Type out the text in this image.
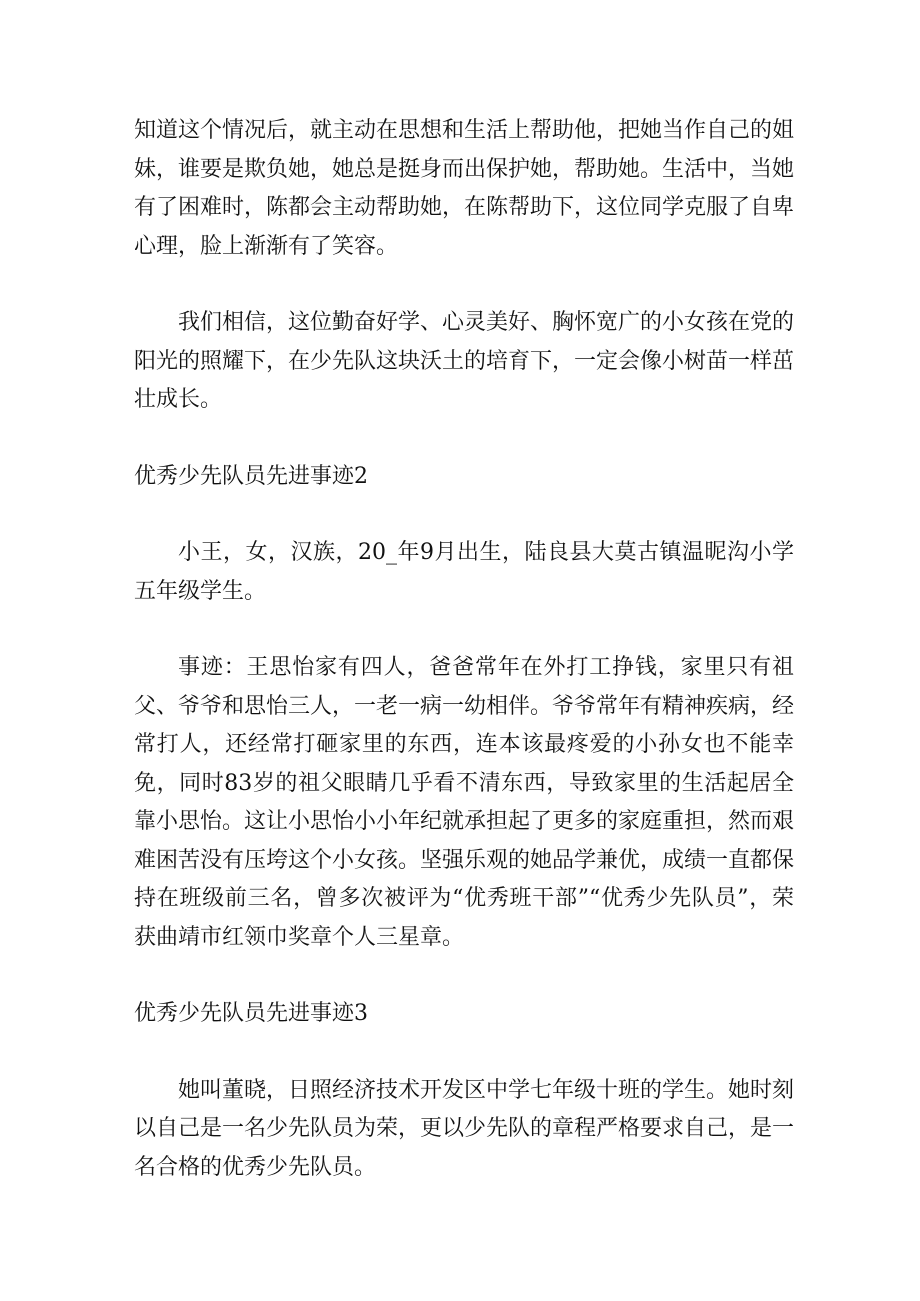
知道这个情况后，就主动在思想和生活上帮助他，把她当作自己的姐妹，谁要是欺负她，她总是挺身而出保护她，帮助她。生活中，当她有了困难时，陈都会主动帮助她，在陈帮助下，这位同学克服了自卑心理，脸上渐渐有了笑容。

我们相信，这位勤奋好学、心灵美好、胸怀宽广的小女孩在党的阳光的照耀下，在少先队这块沃土的培育下，一定会像小树苗一样茁壮成长。

优秀少先队员先进事迹2

小王，女，汉族，20_年9月出生，陆良县大莫古镇温昵沟小学五年级学生。

事迹：王思怡家有四人，爸爸常年在外打工挣钱，家里只有祖父、爷爷和思怡三人，一老一病一幼相伴。爷爷常年有精神疾病，经常打人，还经常打砸家里的东西，连本该最疼爱的小孙女也不能幸免，同时83岁的祖父眼睛几乎看不清东西，导致家里的生活起居全靠小思怡。这让小思怡小小年纪就承担起了更多的家庭重担，然而艰难困苦没有压垮这个小女孩。坚强乐观的她品学兼优，成绩一直都保持在班级前三名，曾多次被评为“优秀班干部”“优秀少先队员”，荣获曲靖市红领巾奖章个人三星章。

优秀少先队员先进事迹3

她叫董晓，日照经济技术开发区中学七年级十班的学生。她时刻以自己是一名少先队员为荣，更以少先队的章程严格要求自己，是一名合格的优秀少先队员。
